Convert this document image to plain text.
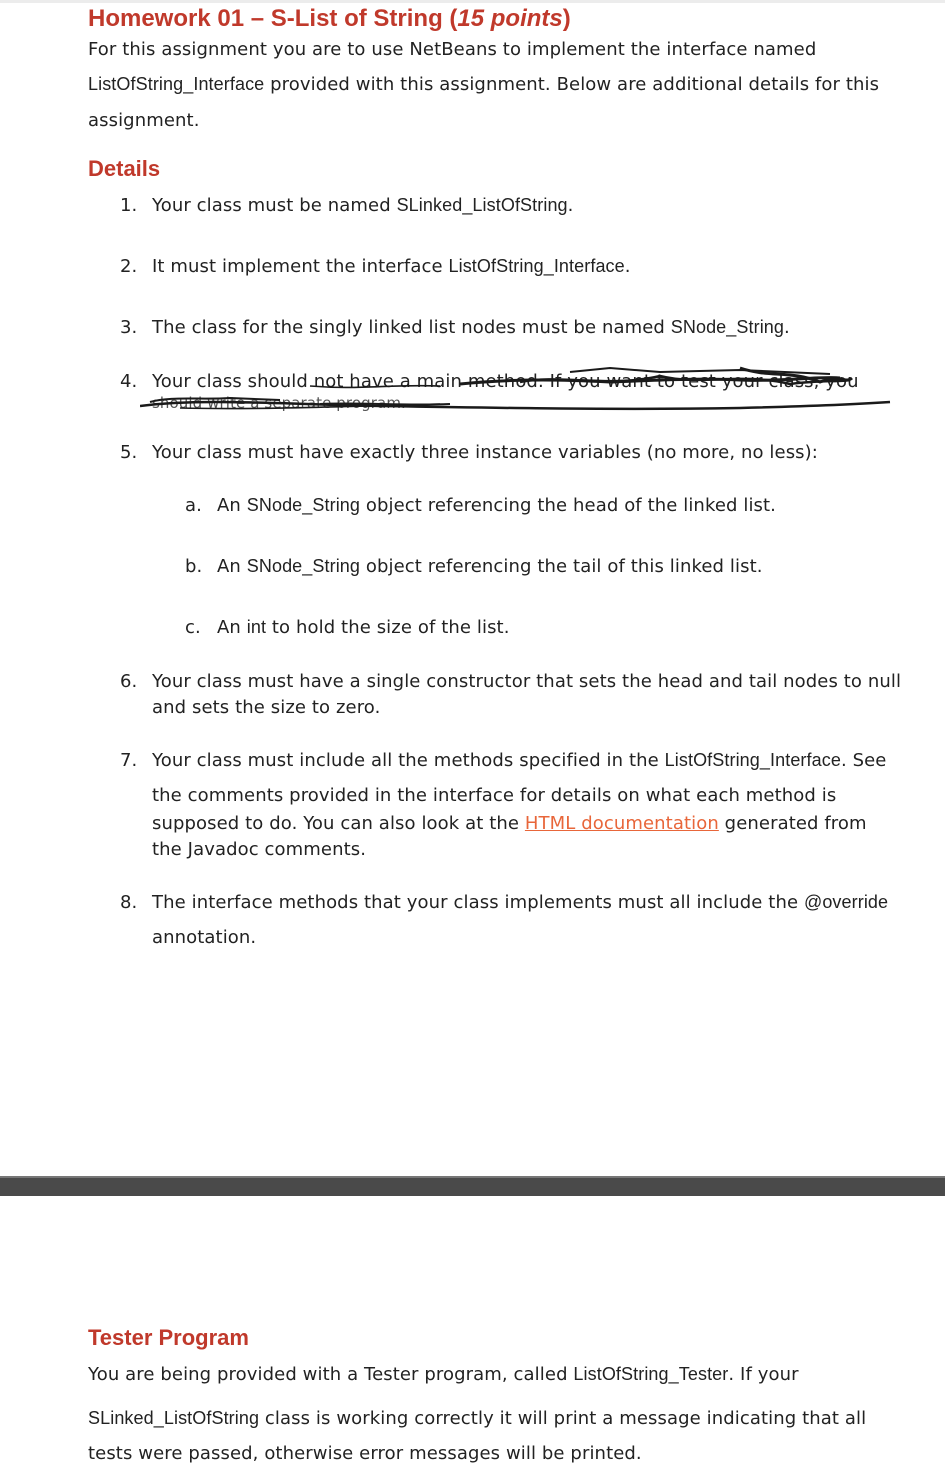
Homework 01 – S-List of String (15 points)
For this assignment you are to use NetBeans to implement the interface named
ListOfString_Interface provided with this assignment. Below are additional details for this
assignment.
Details
1. Your class must be named SLinked_ListOfString.
2. It must implement the interface ListOfString_Interface.
3. The class for the singly linked list nodes must be named SNode_String.
4. Your class should not have a main method. If you want to test your class, you
should write a separate program.
5. Your class must have exactly three instance variables (no more, no less):
a. An SNode_String object referencing the head of the linked list.
b. An SNode_String object referencing the tail of this linked list.
c. An int to hold the size of the list.
6. Your class must have a single constructor that sets the head and tail nodes to null
and sets the size to zero.
7. Your class must include all the methods specified in the ListOfString_Interface. See
the comments provided in the interface for details on what each method is
supposed to do. You can also look at the HTML documentation generated from
the Javadoc comments.
8. The interface methods that your class implements must all include the @override
annotation.
Tester Program
You are being provided with a Tester program, called ListOfString_Tester. If your
SLinked_ListOfString class is working correctly it will print a message indicating that all
tests were passed, otherwise error messages will be printed.
